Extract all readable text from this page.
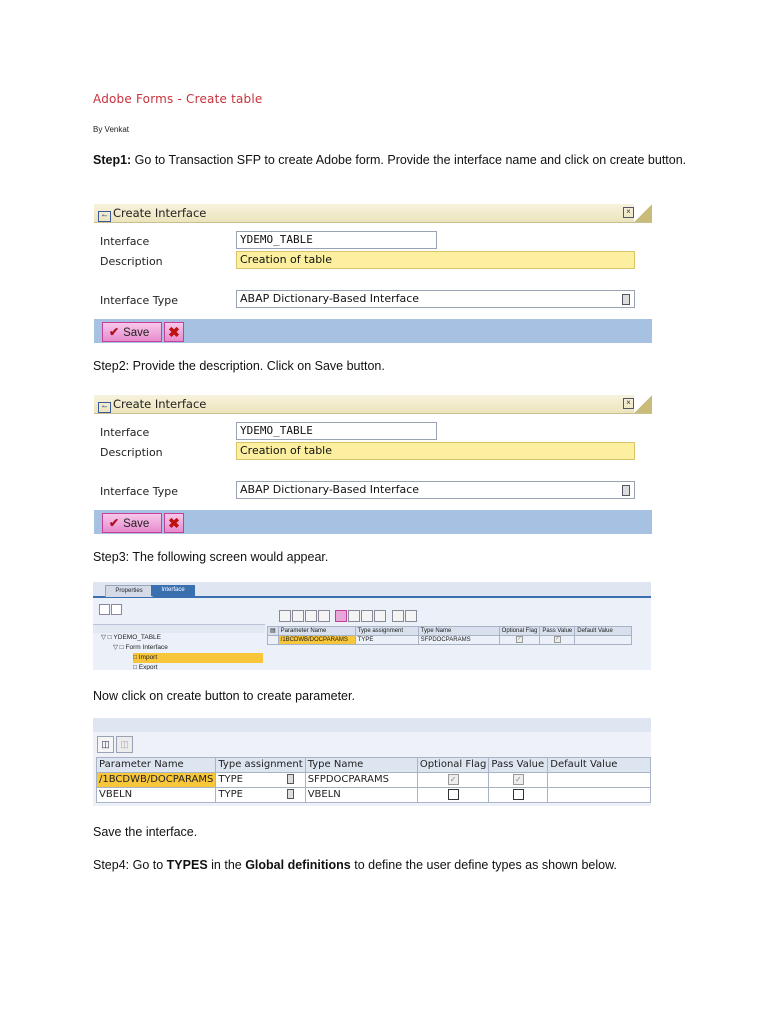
Adobe Forms - Create table
By Venkat
Step1: Go to Transaction SFP to create Adobe form. Provide the interface name and click on create button.
↼ Create Interface	×
Interface	YDEMO_TABLE
Description	Creation of table
Interface Type	ABAP Dictionary-Based Interface
✔ Save	✖
Step2: Provide the description. Click on Save button.
↼ Create Interface	×
Interface	YDEMO_TABLE
Description	Creation of table
Interface Type	ABAP Dictionary-Based Interface
✔ Save	✖
Step3: The following screen would appear.
Properties	Interface
▽ □ YDEMO_TABLE
▽ □ Form Interface
□ Import
□ Export

▤	Parameter Name	Type assignment	Type Name	Optional Flag	Pass Value	Default Value
	/1BCDWB/DOCPARAMS	TYPE	SFPDOCPARAMS	✓	✓	
Now click on create button to create parameter.
◫ ◫
Parameter Name	Type assignment	Type Name	Optional Flag	Pass Value	Default Value
/1BCDWB/DOCPARAMS	TYPE	SFPDOCPARAMS	✓	✓	
VBELN	TYPE	VBELN			
Save the interface.
Step4: Go to TYPES in the Global definitions to define the user define types as shown below.
